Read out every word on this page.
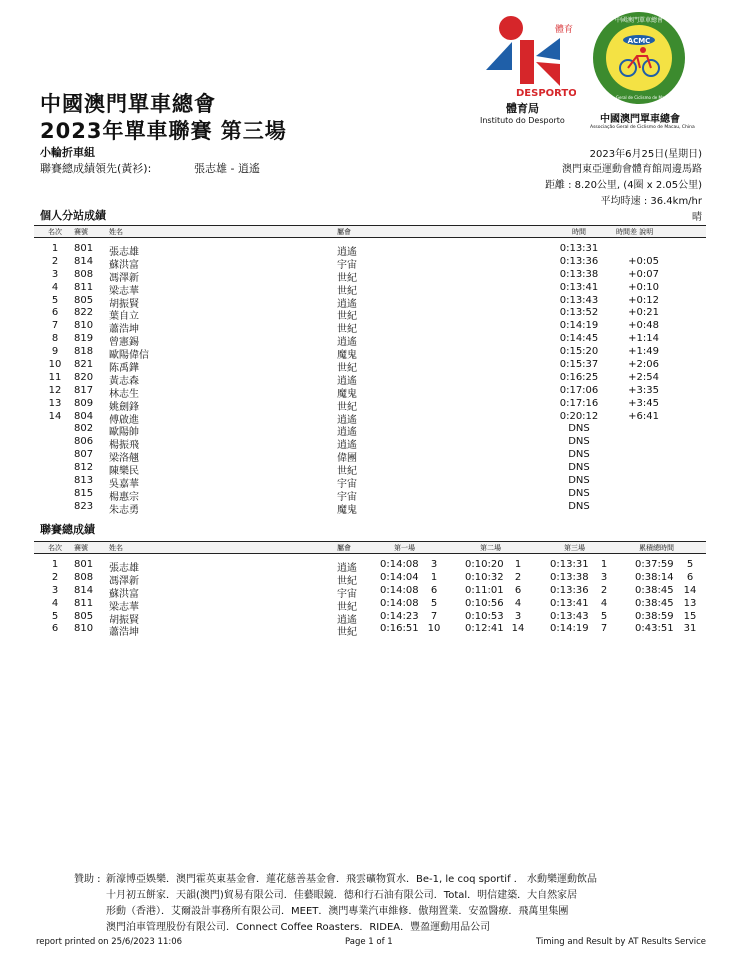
體育
DESPORTO
體育局
Instituto do Desporto
ACMC
中國澳門單車總會
Associação Geral de Ciclismo de Macau, China
中國澳門單車總會
Associação Geral de Ciclismo de Macau, China
中國澳門單車總會
2023年單車聯賽 第三場
小輪折車組
聯賽總成績領先(黃衫):	張志雄 - 逍遙
2023年6月25日(星期日)
澳門東亞運動會體育館周邊馬路
距離 : 8.20公里, (4圈 x 2.05公里)
平均時速 : 36.4km/hr
晴
個人分站成績
名次	賽號	姓名	屬會	時間	時間差 說明
1	801 張志雄	逍遙	0:13:31
2	814 蘇洪富	宇宙	0:13:36	+0:05
3	808 馮澤新	世紀	0:13:38	+0:07
4	811 梁志華	世紀	0:13:41	+0:10
5	805 胡振賢	逍遙	0:13:43	+0:12
6	822 葉自立	世紀	0:13:52	+0:21
7	810 蕭浩坤	世紀	0:14:19	+0:48
8	819 曾憲錫	逍遙	0:14:45	+1:14
9	818 歐陽偉信	魔鬼	0:15:20	+1:49
10	821 陈禹鏵	世紀	0:15:37	+2:06
11	820 黃志森	逍遙	0:16:25	+2:54
12	817 林志生	魔鬼	0:17:06	+3:35
13	809 姚劍鋒	世紀	0:17:16	+3:45
14	804 傅啟進	逍遙	0:20:12	+6:41
802 歐陽帥	逍遙	DNS
806 楊振飛	逍遙	DNS
807 梁洛翹	偉團	DNS
812 陳樂民	世紀	DNS
813 吳嘉華	宇宙	DNS
815 楊惠宗	宇宙	DNS
823 朱志勇	魔鬼	DNS
聯賽總成績
名次	賽號	姓名	屬會	第一場	第二場	第三場	累積總時間
1	801 張志雄	逍遙 0:14:08	3	0:10:20	1	0:13:31	1	0:37:59	5
2	808 馮澤新	世紀 0:14:04	1	0:10:32	2	0:13:38	3	0:38:14	6
3	814 蘇洪富	宇宙 0:14:08	6	0:11:01	6	0:13:36	2	0:38:45 14
4	811 梁志華	世紀 0:14:08	5	0:10:56	4	0:13:41	4	0:38:45 13
5	805 胡振賢	逍遙 0:14:23	7	0:10:53	3	0:13:43	5	0:38:59 15
6	810 蕭浩坤	世紀 0:16:51 10 0:12:41 14	0:14:19	7	0:43:51 31
贊助 : 新濠博亞娛樂．澳門霍英東基金會．蓮花慈善基金會．飛雲礦物質水．Be-1, le coq sportif ． 水動樂運動飲品
十月初五餅家．天韻(澳門)貿易有限公司．佳藝眼鏡．德和行石油有限公司．Total．明信建築．大自然家居
形動（香港）．艾爾設計事務所有限公司．MEET．澳門專業汽車維修．傲翔置業．安盈醫療．飛萬里集團
澳門泊車管理股份有限公司．Connect Coffee Roasters．RIDEA．豐盈運動用品公司
report printed on 25/6/2023 11:06	Page 1 of 1	Timing and Result by AT Results Service
